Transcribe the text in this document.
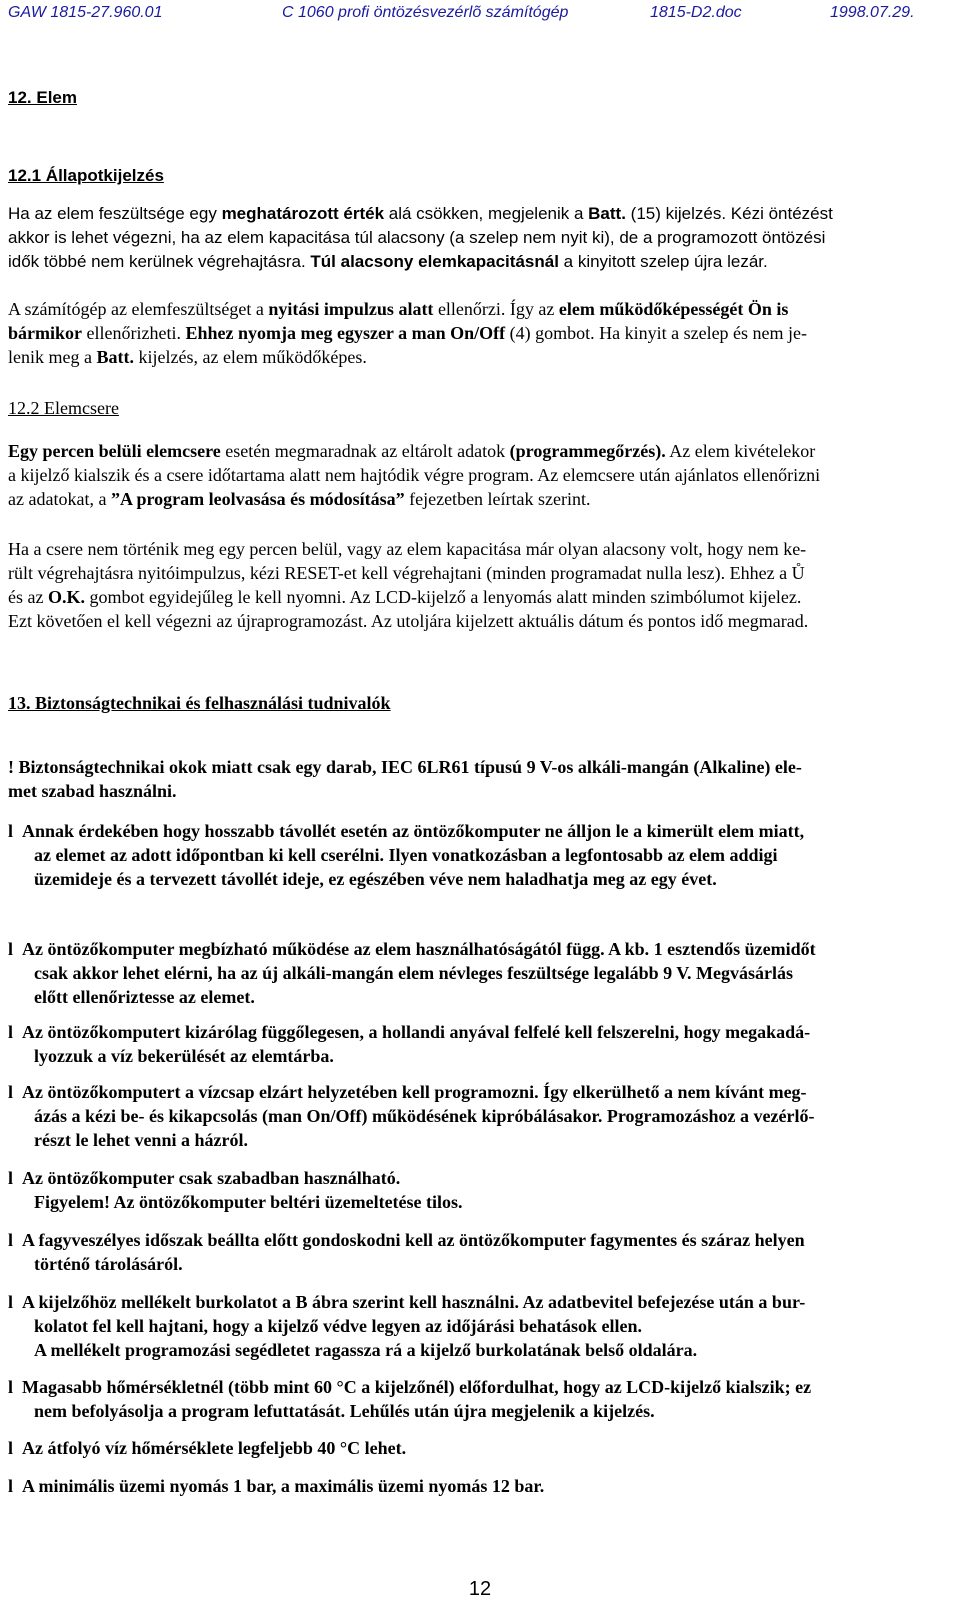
GAW 1815-27.960.01	C 1060 profi öntözésvezérlõ számítógép	1815-D2.doc	1998.07.29.
12. Elem
12.1 Állapotkijelzés
Ha az elem feszültsége egy meghatározott érték alá csökken, megjelenik a Batt. (15) kijelzés. Kézi öntézést
akkor is lehet végezni, ha az elem kapacitása túl alacsony (a szelep nem nyit ki), de a programozott öntözési
idők többé nem kerülnek végrehajtásra. Túl alacsony elemkapacitásnál a kinyitott szelep újra lezár.
A számítógép az elemfeszültséget a nyitási impulzus alatt ellenőrzi. Így az elem működőképességét Ön is
bármikor ellenőrizheti. Ehhez nyomja meg egyszer a man On/Off (4) gombot. Ha kinyit a szelep és nem je-
lenik meg a Batt. kijelzés, az elem működőképes.
12.2 Elemcsere
Egy percen belüli elemcsere esetén megmaradnak az eltárolt adatok (programmegőrzés). Az elem kivételekor
a kijelző kialszik és a csere időtartama alatt nem hajtódik végre program. Az elemcsere után ajánlatos ellenőrizni
az adatokat, a ”A program leolvasása és módosítása” fejezetben leírtak szerint.
Ha a csere nem történik meg egy percen belül, vagy az elem kapacitása már olyan alacsony volt, hogy nem ke-
rült végrehajtásra nyitóimpulzus, kézi RESET-et kell végrehajtani (minden programadat nulla lesz). Ehhez a Ů
és az O.K. gombot egyidejűleg le kell nyomni. Az LCD-kijelző a lenyomás alatt minden szimbólumot kijelez.
Ezt követően el kell végezni az újraprogramozást. Az utoljára kijelzett aktuális dátum és pontos idő megmarad.
13. Biztonságtechnikai és felhasználási tudnivalók
! Biztonságtechnikai okok miatt csak egy darab, IEC 6LR61 típusú 9 V-os alkáli-mangán (Alkaline) ele-
met szabad használni.
l Annak érdekében hogy hosszabb távollét esetén az öntözőkomputer ne álljon le a kimerült elem miatt,
az elemet az adott időpontban ki kell cserélni. Ilyen vonatkozásban a legfontosabb az elem addigi
üzemideje és a tervezett távollét ideje, ez egészében véve nem haladhatja meg az egy évet.
l Az öntözőkomputer megbízható működése az elem használhatóságától függ. A kb. 1 esztendős üzemidőt
csak akkor lehet elérni, ha az új alkáli-mangán elem névleges feszültsége legalább 9 V. Megvásárlás
előtt ellenőriztesse az elemet.
l Az öntözőkomputert kizárólag függőlegesen, a hollandi anyával felfelé kell felszerelni, hogy megakadá-
lyozzuk a víz bekerülését az elemtárba.
l Az öntözőkomputert a vízcsap elzárt helyzetében kell programozni. Így elkerülhető a nem kívánt meg-
ázás a kézi be- és kikapcsolás (man On/Off) működésének kipróbálásakor. Programozáshoz a vezérlő-
részt le lehet venni a házról.
l Az öntözőkomputer csak szabadban használható.
Figyelem! Az öntözőkomputer beltéri üzemeltetése tilos.
l A fagyveszélyes időszak beállta előtt gondoskodni kell az öntözőkomputer fagymentes és száraz helyen
történő tárolásáról.
l A kijelzőhöz mellékelt burkolatot a B ábra szerint kell használni. Az adatbevitel befejezése után a bur-
kolatot fel kell hajtani, hogy a kijelző védve legyen az időjárási behatások ellen.
A mellékelt programozási segédletet ragassza rá a kijelző burkolatának belső oldalára.
l Magasabb hőmérsékletnél (több mint 60 °C a kijelzőnél) előfordulhat, hogy az LCD-kijelző kialszik; ez
nem befolyásolja a program lefuttatását. Lehűlés után újra megjelenik a kijelzés.
l Az átfolyó víz hőmérséklete legfeljebb 40 °C lehet.
l A minimális üzemi nyomás 1 bar, a maximális üzemi nyomás 12 bar.
12
